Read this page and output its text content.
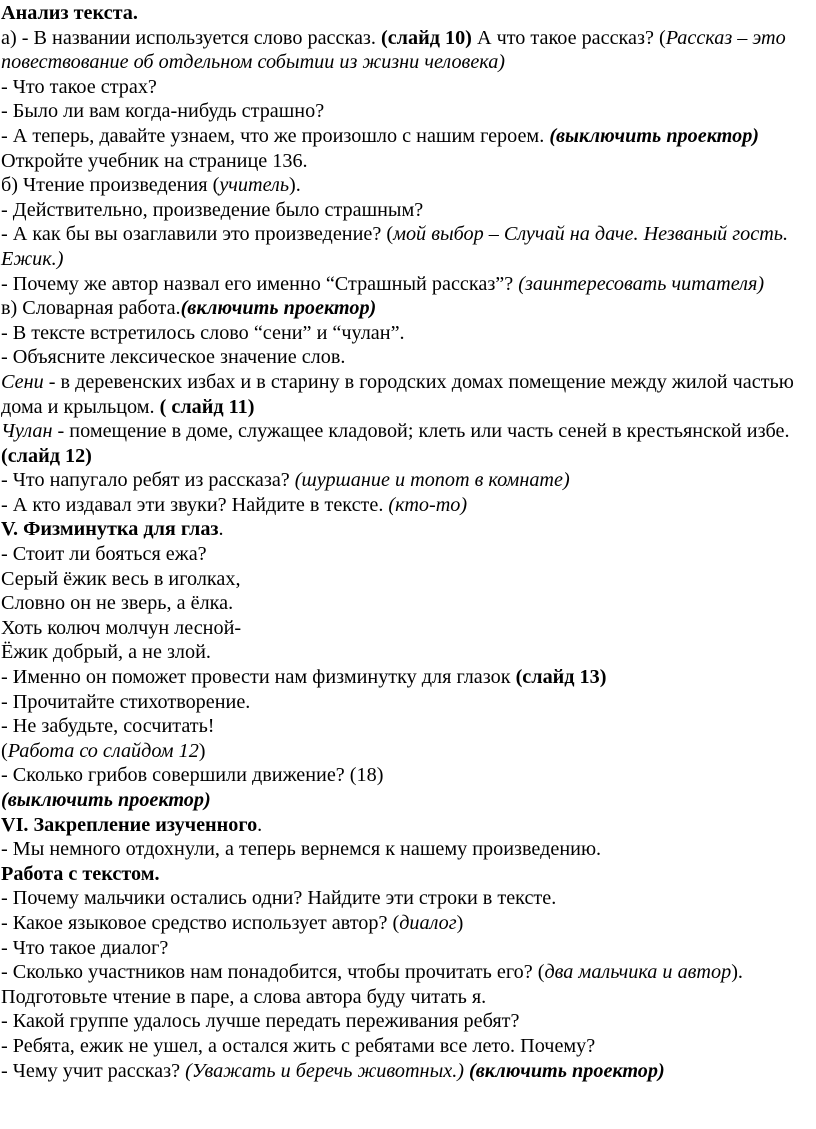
Анализ текста.
а) - В названии используется слово рассказ. (слайд 10) А что такое рассказ? (Рассказ – это повествование об отдельном событии из жизни человека)
- Что такое страх?
- Было ли вам когда-нибудь страшно?
- А теперь, давайте узнаем, что же произошло с нашим героем. (выключить проектор) Откройте учебник на странице 136.
б) Чтение произведения (учитель).
- Действительно, произведение было страшным?
- А как бы вы озаглавили это произведение? (мой выбор – Случай на даче. Незваный гость. Ежик.)
- Почему же автор назвал его именно “Страшный рассказ”? (заинтересовать читателя)
в) Словарная работа.(включить проектор)
- В тексте встретилось слово “сени” и “чулан”.
- Объясните лексическое значение слов.
Сени - в деревенских избах и в старину в городских домах помещение между жилой частью дома и крыльцом. ( слайд 11)
Чулан - помещение в доме, служащее кладовой; клеть или часть сеней в крестьянской избе. (слайд 12)
- Что напугало ребят из рассказа? (шуршание и топот в комнате)
- А кто издавал эти звуки? Найдите в тексте. (кто-то)
V. Физминутка для глаз.
- Стоит ли бояться ежа?
Серый ёжик весь в иголках,
Словно он не зверь, а ёлка.
Хоть колюч молчун лесной-
Ёжик добрый, а не злой.
- Именно он поможет провести нам физминутку для глазок (слайд 13)
- Прочитайте стихотворение.
- Не забудьте, сосчитать!
(Работа со слайдом 12)
- Сколько грибов совершили движение? (18)
(выключить проектор)
VI. Закрепление изученного.
- Мы немного отдохнули, а теперь вернемся к нашему произведению.
Работа с текстом.
- Почему мальчики остались одни? Найдите эти строки в тексте.
- Какое языковое средство использует автор? (диалог)
- Что такое диалог?
- Сколько участников нам понадобится, чтобы прочитать его? (два мальчика и автор).
Подготовьте чтение в паре, а слова автора буду читать я.
- Какой группе удалось лучше передать переживания ребят?
- Ребята, ежик не ушел, а остался жить с ребятами все лето. Почему?
- Чему учит рассказ? (Уважать и беречь животных.) (включить проектор)
